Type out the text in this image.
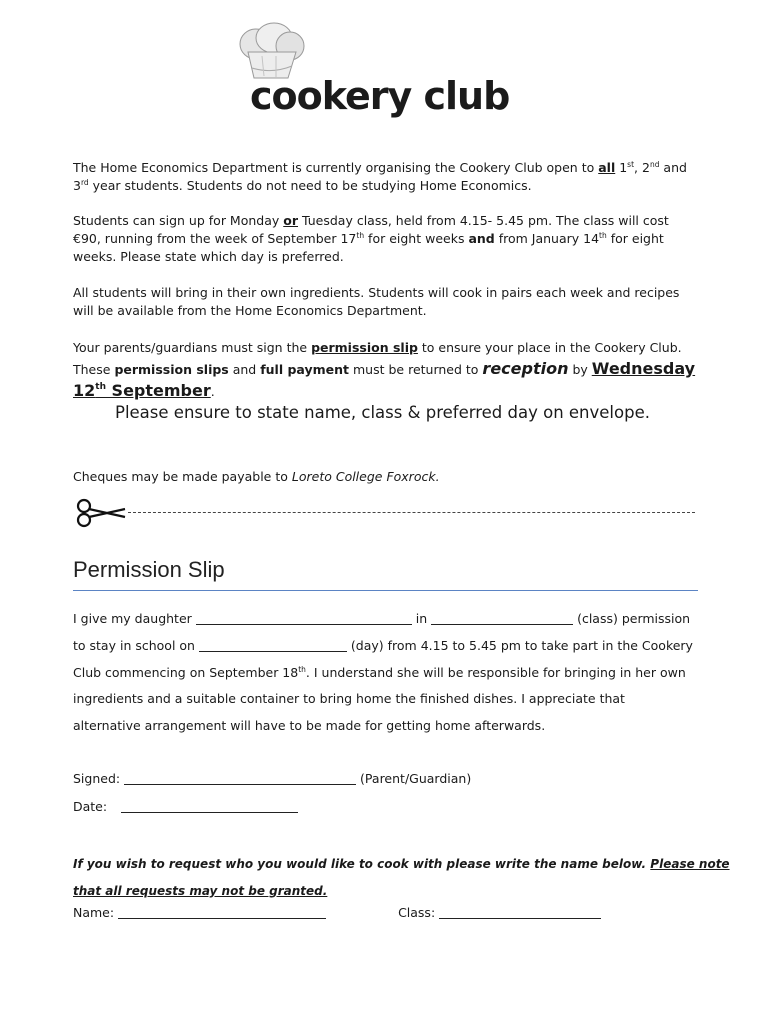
cookery club
The Home Economics Department is currently organising the Cookery Club open to all 1st, 2nd and
3rd year students. Students do not need to be studying Home Economics.
Students can sign up for Monday or Tuesday class, held from 4.15- 5.45 pm. The class will cost
€90, running from the week of September 17th for eight weeks and from January 14th for eight
weeks. Please state which day is preferred.
All students will bring in their own ingredients. Students will cook in pairs each week and recipes
will be available from the Home Economics Department.
Your parents/guardians must sign the permission slip to ensure your place in the Cookery Club.
These permission slips and full payment must be returned to reception by Wednesday
12th September.
Please ensure to state name, class & preferred day on envelope.
Cheques may be made payable to Loreto College Foxrock.
Permission Slip
I give my daughter	in	(class) permission
to stay in school on	(day) from 4.15 to 5.45 pm to take part in the Cookery
Club commencing on September 18th. I understand she will be responsible for bringing in her own
ingredients and a suitable container to bring home the finished dishes. I appreciate that
alternative arrangement will have to be made for getting home afterwards.
Signed:	(Parent/Guardian)
Date:
If you wish to request who you would like to cook with please write the name below. Please note
that all requests may not be granted.
Name:	Class:
